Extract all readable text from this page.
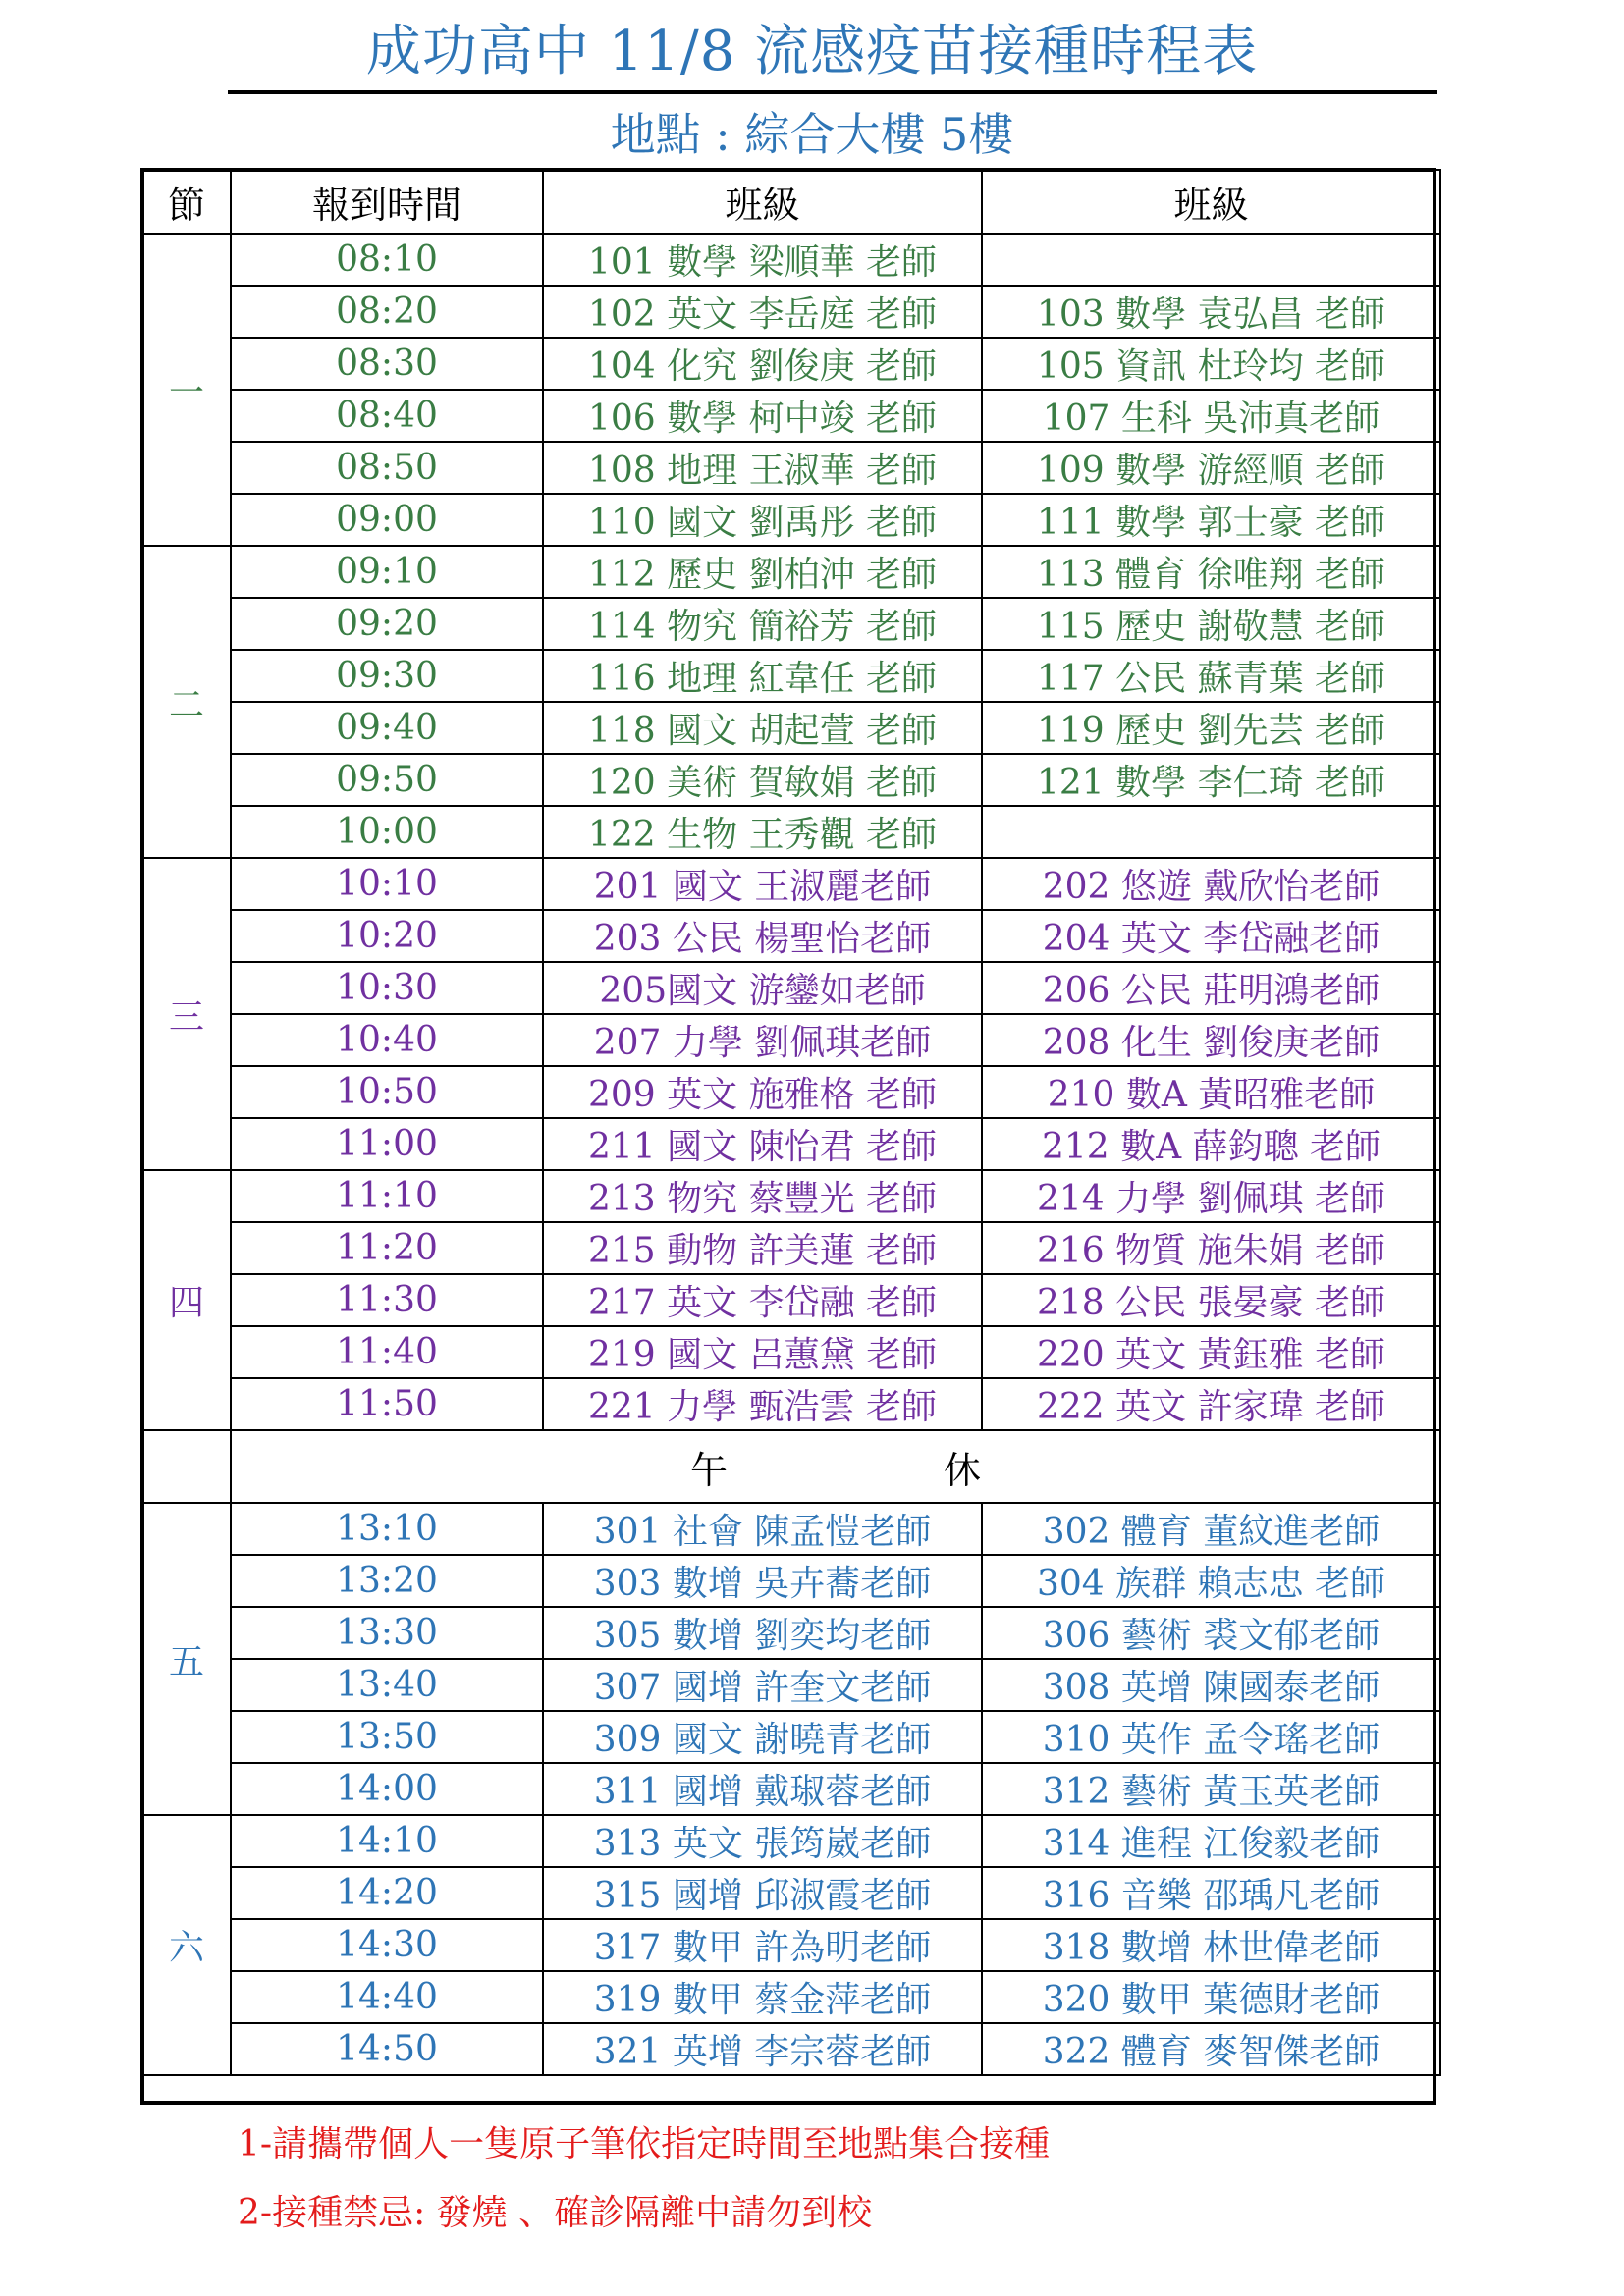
成功高中 11/8 流感疫苗接種時程表
地點 : 綜合大樓 5樓
節	報到時間	班級	班級
一	08:10	101 數學 梁順華 老師	
	08:20	102 英文 李岳庭 老師	103 數學 袁弘昌 老師
	08:30	104 化究 劉俊庚 老師	105 資訊 杜玲均 老師
	08:40	106 數學 柯中竣 老師	107 生科 吳沛真老師
	08:50	108 地理 王淑華 老師	109 數學 游經順 老師
	09:00	110 國文 劉禹彤 老師	111 數學 郭士豪 老師
二	09:10	112 歷史 劉柏沖 老師	113 體育 徐唯翔 老師
	09:20	114 物究 簡裕芳 老師	115 歷史 謝敬慧 老師
	09:30	116 地理 紅韋任 老師	117 公民 蘇青葉 老師
	09:40	118 國文 胡起萱 老師	119 歷史 劉先芸 老師
	09:50	120 美術 賀敏娟 老師	121 數學 李仁琦 老師
	10:00	122 生物 王秀觀 老師	
三	10:10	201 國文 王淑麗老師	202 悠遊 戴欣怡老師
	10:20	203 公民 楊聖怡老師	204 英文 李岱融老師
	10:30	205國文 游鑾如老師	206 公民 莊明鴻老師
	10:40	207 力學 劉佩琪老師	208 化生 劉俊庚老師
	10:50	209 英文 施雅格 老師	210 數A 黃昭雅老師
	11:00	211 國文 陳怡君 老師	212 數A 薛鈞聰 老師
四	11:10	213 物究 蔡豐光 老師	214 力學 劉佩琪 老師
	11:20	215 動物 許美蓮 老師	216 物質 施朱娟 老師
	11:30	217 英文 李岱融 老師	218 公民 張晏豪 老師
	11:40	219 國文 呂蕙黛 老師	220 英文 黃鈺雅 老師
	11:50	221 力學 甄浩雲 老師	222 英文 許家瑋 老師
	午 休		
五	13:10	301 社會 陳孟愷老師	302 體育 董紋進老師
	13:20	303 數增 吳卉蕎老師	304 族群 賴志忠 老師
	13:30	305 數增 劉奕均老師	306 藝術 裘文郁老師
	13:40	307 國增 許奎文老師	308 英增 陳國泰老師
	13:50	309 國文 謝曉青老師	310 英作 孟令瑤老師
	14:00	311 國增 戴琡蓉老師	312 藝術 黃玉英老師
六	14:10	313 英文 張筠崴老師	314 進程 江俊毅老師
	14:20	315 國增 邱淑霞老師	316 音樂 邵瑀凡老師
	14:30	317 數甲 許為明老師	318 數增 林世偉老師
	14:40	319 數甲 蔡金萍老師	320 數甲 葉德財老師
	14:50	321 英增 李宗蓉老師	322 體育 麥智傑老師
1-請攜帶個人一隻原子筆依指定時間至地點集合接種
2-接種禁忌: 發燒 、確診隔離中請勿到校
